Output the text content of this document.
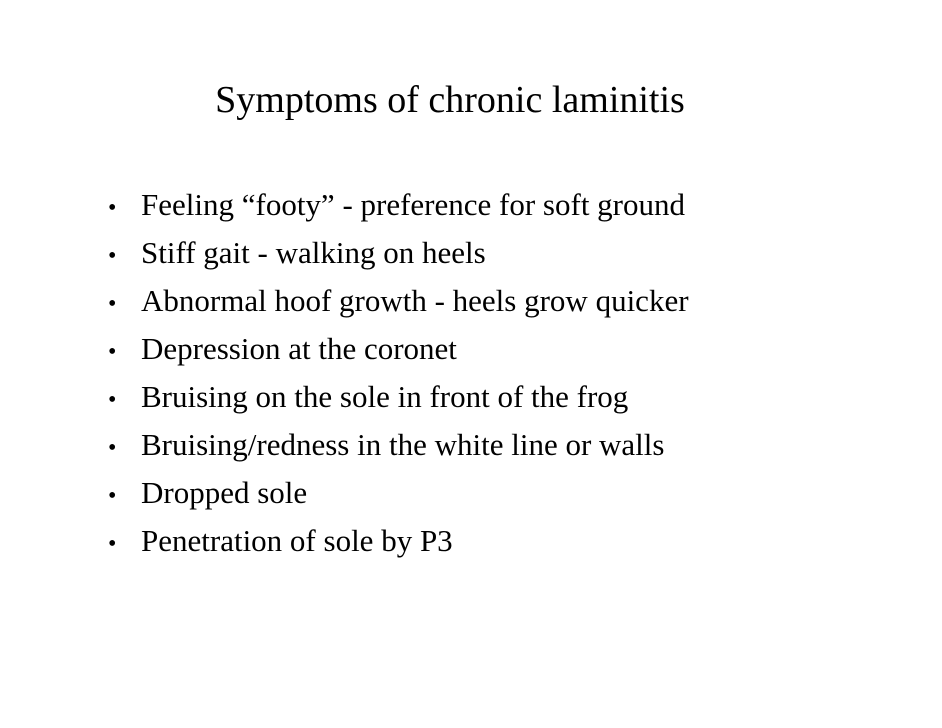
Symptoms of chronic laminitis
• Feeling “footy” - preference for soft ground
• Stiff gait - walking on heels
• Abnormal hoof growth - heels grow quicker
• Depression at the coronet
• Bruising on the sole in front of the frog
• Bruising/redness in the white line or walls
• Dropped sole
• Penetration of sole by P3
